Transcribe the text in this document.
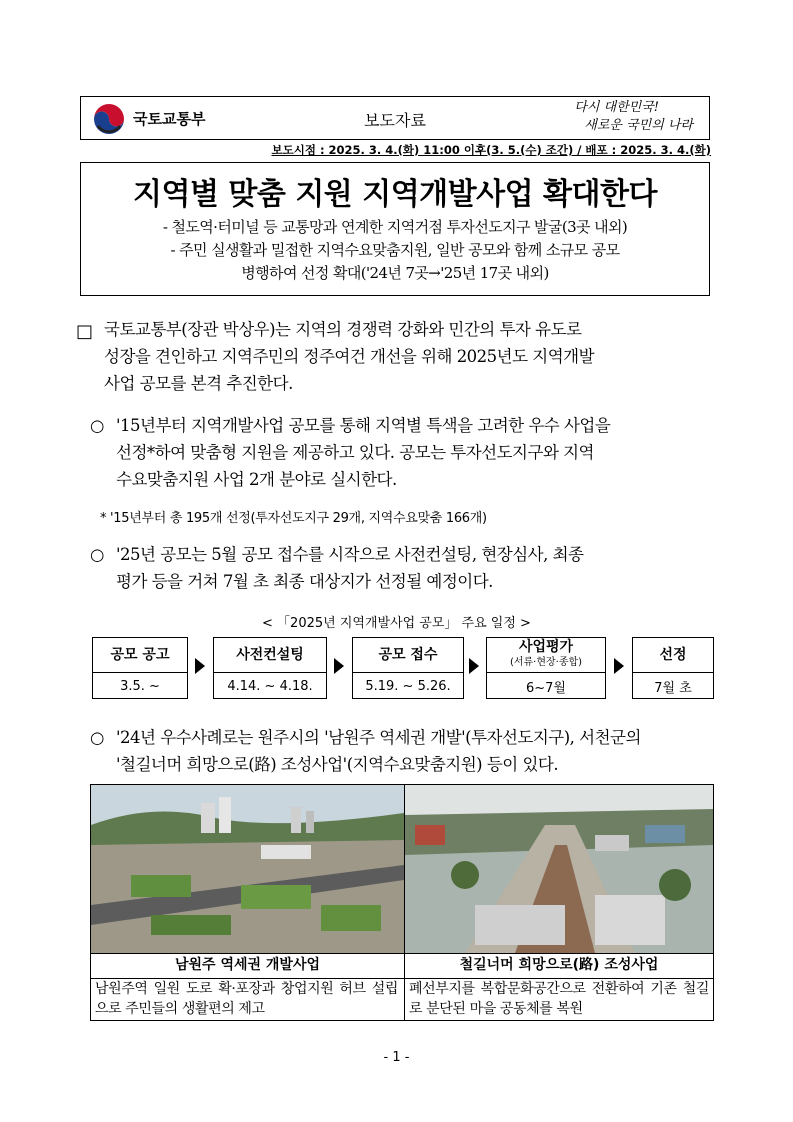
국토교통부	보도자료
다시 대한민국!
새로운 국민의 나라
보도시점 : 2025. 3. 4.(화) 11:00 이후(3. 5.(수) 조간) / 배포 : 2025. 3. 4.(화)
지역별 맞춤 지원 지역개발사업 확대한다
- 철도역·터미널 등 교통망과 연계한 지역거점 투자선도지구 발굴(3곳 내외)
- 주민 실생활과 밀접한 지역수요맞춤지원, 일반 공모와 함께 소규모 공모
병행하여 선정 확대('24년 7곳→'25년 17곳 내외)
□ 국토교통부(장관 박상우)는 지역의 경쟁력 강화와 민간의 투자 유도로
성장을 견인하고 지역주민의 정주여건 개선을 위해 2025년도 지역개발
사업 공모를 본격 추진한다.
○ '15년부터 지역개발사업 공모를 통해 지역별 특색을 고려한 우수 사업을
선정*하여 맞춤형 지원을 제공하고 있다. 공모는 투자선도지구와 지역
수요맞춤지원 사업 2개 분야로 실시한다.
* '15년부터 총 195개 선정(투자선도지구 29개, 지역수요맞춤 166개)
○ '25년 공모는 5월 공모 접수를 시작으로 사전컨설팅, 현장심사, 최종
평가 등을 거쳐 7월 초 최종 대상지가 선정될 예정이다.
< 「2025년 지역개발사업 공모」 주요 일정 >
공모 공고
3.5. ~
사전컨설팅
4.14. ~ 4.18.
공모 접수
5.19. ~ 5.26.
사업평가
(서류·현장·종합)
6~7월
선정
7월 초
○ '24년 우수사례로는 원주시의 '남원주 역세권 개발'(투자선도지구), 서천군의
'철길너머 희망으로(路) 조성사업'(지역수요맞춤지원) 등이 있다.
남원주 역세권 개발사업	철길너머 희망으로(路) 조성사업
남원주역 일원 도로 확·포장과 창업지원 허브 설립으로 주민들의 생활편의 제고
폐선부지를 복합문화공간으로 전환하여 기존 철길로 분단된 마을 공동체를 복원
- 1 -
